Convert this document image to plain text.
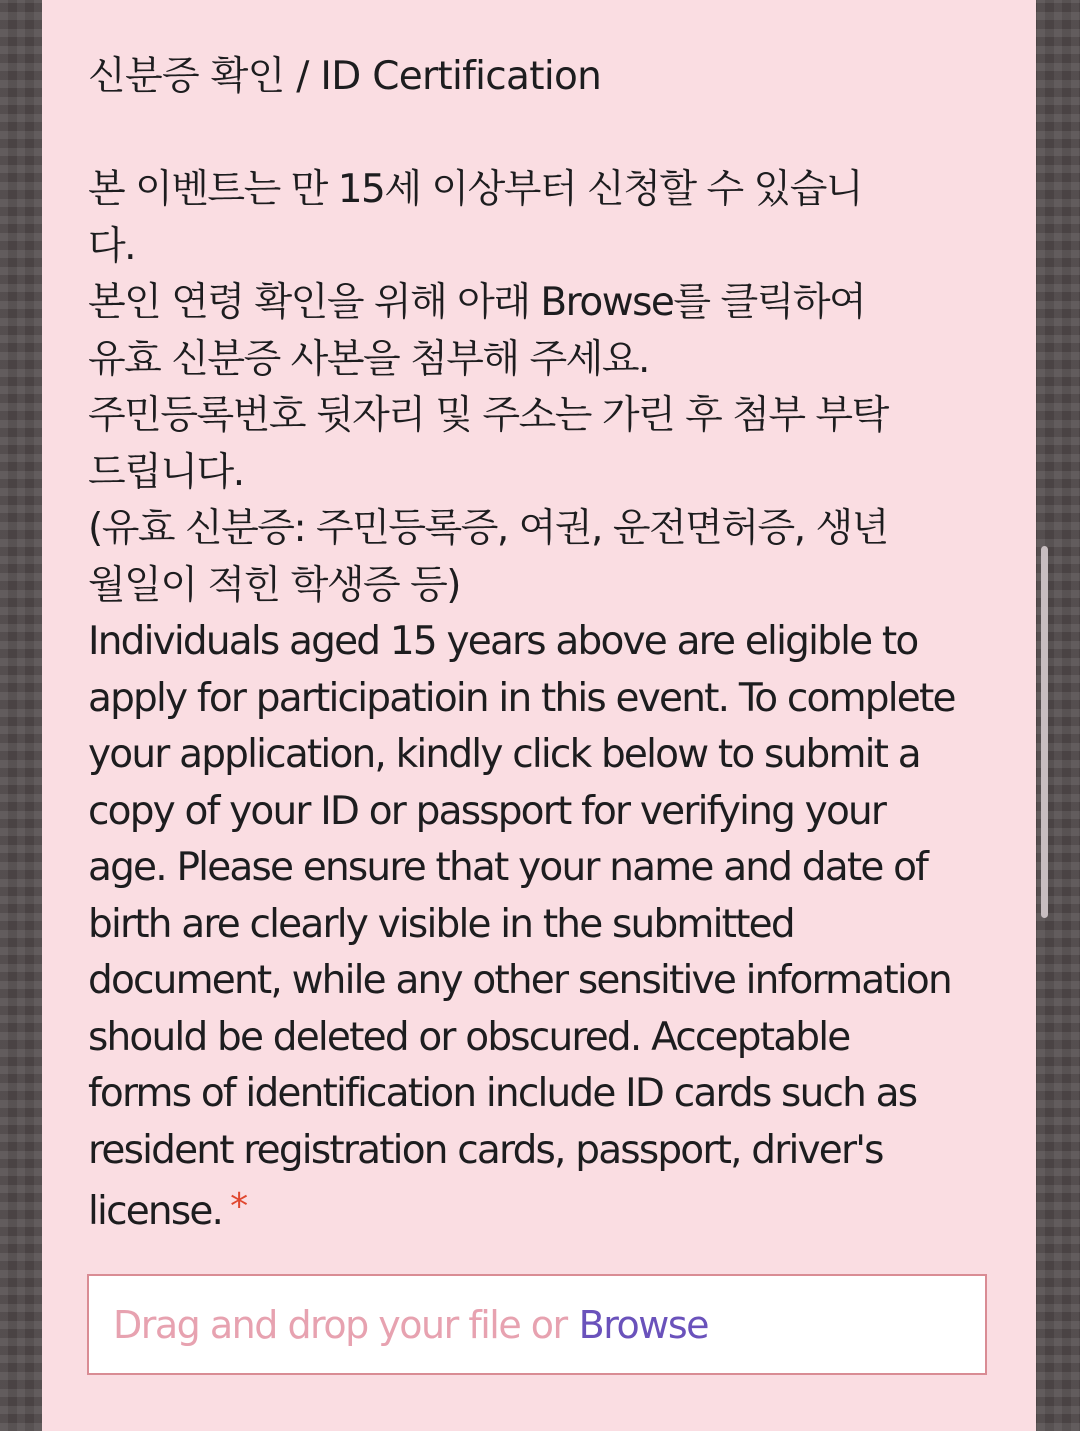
신분증 확인 / ID Certification
본 이벤트는 만 15세 이상부터 신청할 수 있습니
다.
본인 연령 확인을 위해 아래 Browse를 클릭하여
유효 신분증 사본을 첨부해 주세요.
주민등록번호 뒷자리 및 주소는 가린 후 첨부 부탁
드립니다.
(유효 신분증: 주민등록증, 여권, 운전면허증, 생년
월일이 적힌 학생증 등)
Individuals aged 15 years above are eligible to
apply for participatioin in this event. To complete
your application, kindly click below to submit a
copy of your ID or passport for verifying your
age. Please ensure that your name and date of
birth are clearly visible in the submitted
document, while any other sensitive information
should be deleted or obscured. Acceptable
forms of identification include ID cards such as
resident registration cards, passport, driver's
license. *
Drag and drop your file or Browse
